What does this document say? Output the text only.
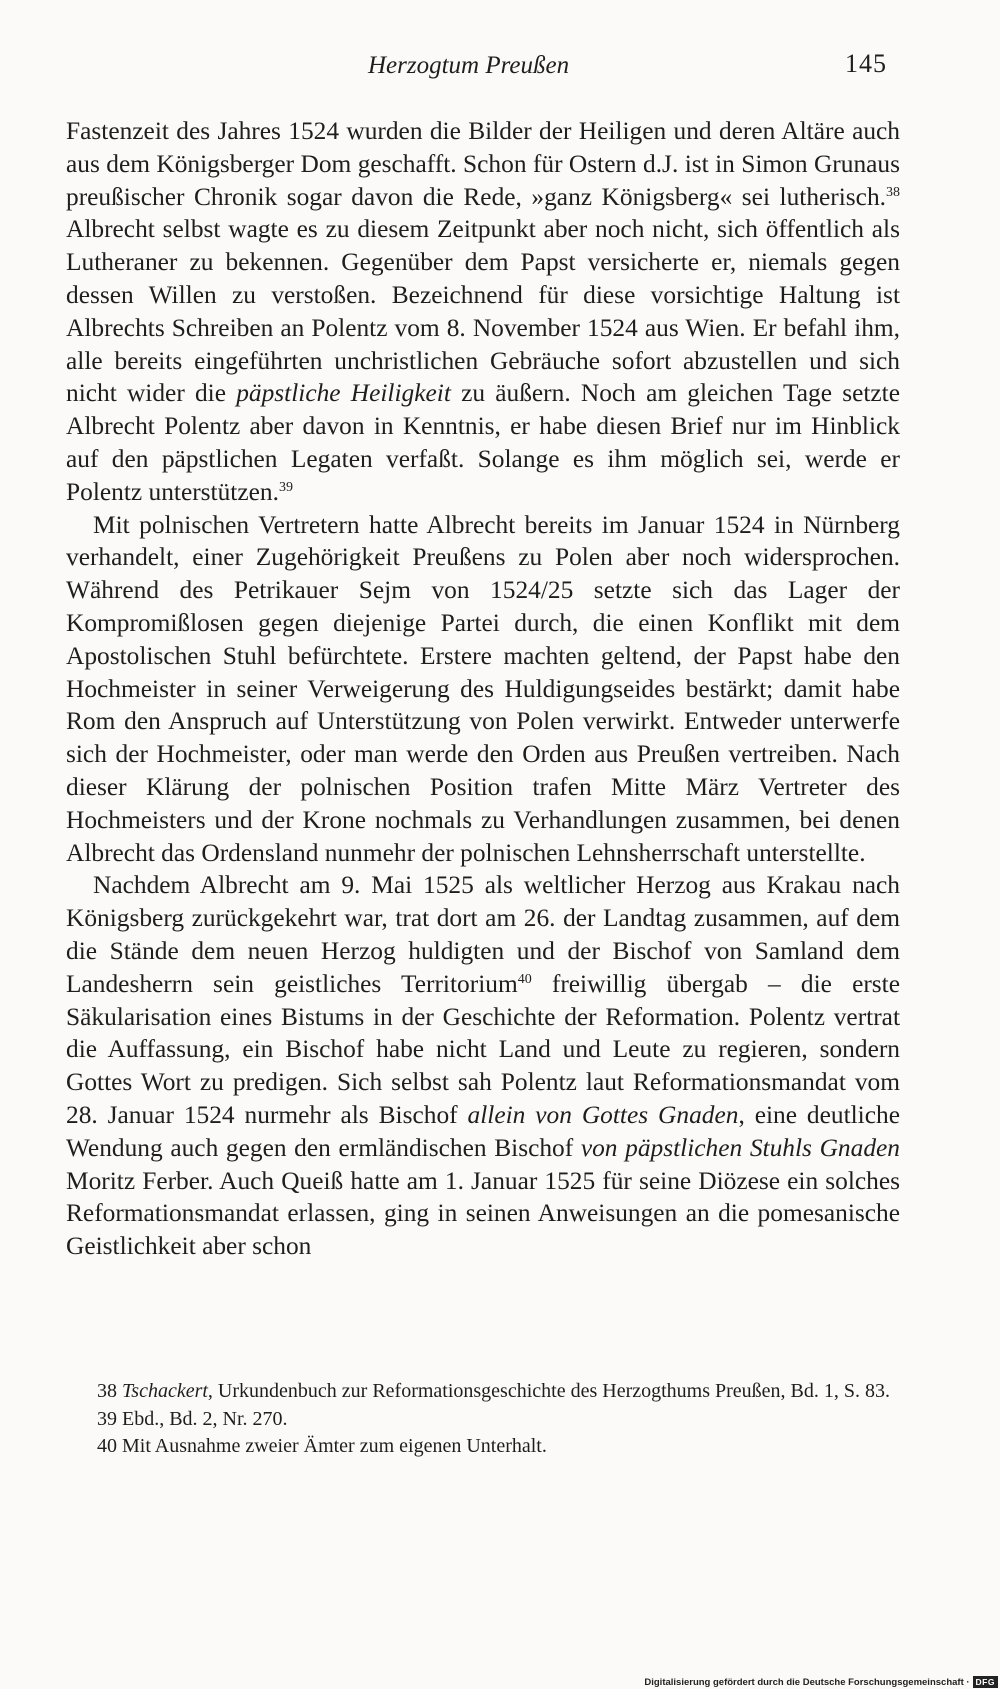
Herzogtum Preußen	145

Fastenzeit des Jahres 1524 wurden die Bilder der Heiligen und deren Altäre auch aus dem Königsberger Dom geschafft. Schon für Ostern d.J. ist in Simon Grunaus preußischer Chronik sogar davon die Rede, »ganz Königsberg« sei lutherisch.$^{38}$ Albrecht selbst wagte es zu diesem Zeitpunkt aber noch nicht, sich öffentlich als Lutheraner zu bekennen. Gegenüber dem Papst versicherte er, niemals gegen dessen Willen zu verstoßen. Bezeichnend für diese vorsichtige Haltung ist Albrechts Schreiben an Polentz vom 8. November 1524 aus Wien. Er befahl ihm, alle bereits eingeführten unchristlichen Gebräuche sofort abzustellen und sich nicht wider die päpstliche Heiligkeit zu äußern. Noch am gleichen Tage setzte Albrecht Polentz aber davon in Kenntnis, er habe diesen Brief nur im Hinblick auf den päpstlichen Legaten verfaßt. Solange es ihm möglich sei, werde er Polentz unterstützen.$^{39}$

Mit polnischen Vertretern hatte Albrecht bereits im Januar 1524 in Nürnberg verhandelt, einer Zugehörigkeit Preußens zu Polen aber noch widersprochen. Während des Petrikauer Sejm von 1524/25 setzte sich das Lager der Kompromißlosen gegen diejenige Partei durch, die einen Konflikt mit dem Apostolischen Stuhl befürchtete. Erstere machten geltend, der Papst habe den Hochmeister in seiner Verweigerung des Huldigungseides bestärkt; damit habe Rom den Anspruch auf Unterstützung von Polen verwirkt. Entweder unterwerfe sich der Hochmeister, oder man werde den Orden aus Preußen vertreiben. Nach dieser Klärung der polnischen Position trafen Mitte März Vertreter des Hochmeisters und der Krone nochmals zu Verhandlungen zusammen, bei denen Albrecht das Ordensland nunmehr der polnischen Lehnsherrschaft unterstellte.

Nachdem Albrecht am 9. Mai 1525 als weltlicher Herzog aus Krakau nach Königsberg zurückgekehrt war, trat dort am 26. der Landtag zusammen, auf dem die Stände dem neuen Herzog huldigten und der Bischof von Samland dem Landesherrn sein geistliches Territorium$^{40}$ freiwillig übergab – die erste Säkularisation eines Bistums in der Geschichte der Reformation. Polentz vertrat die Auffassung, ein Bischof habe nicht Land und Leute zu regieren, sondern Gottes Wort zu predigen. Sich selbst sah Polentz laut Reformationsmandat vom 28. Januar 1524 nurmehr als Bischof allein von Gottes Gnaden, eine deutliche Wendung auch gegen den ermländischen Bischof von päpstlichen Stuhls Gnaden Moritz Ferber. Auch Queiß hatte am 1. Januar 1525 für seine Diözese ein solches Reformationsmandat erlassen, ging in seinen Anweisungen an die pomesanische Geistlichkeit aber schon

38 Tschackert, Urkundenbuch zur Reformationsgeschichte des Herzogthums Preußen, Bd. 1, S. 83.

39 Ebd., Bd. 2, Nr. 270.

40 Mit Ausnahme zweier Ämter zum eigenen Unterhalt.

Digitalisierung gefördert durch die Deutsche Forschungsgemeinschaft · DFG
